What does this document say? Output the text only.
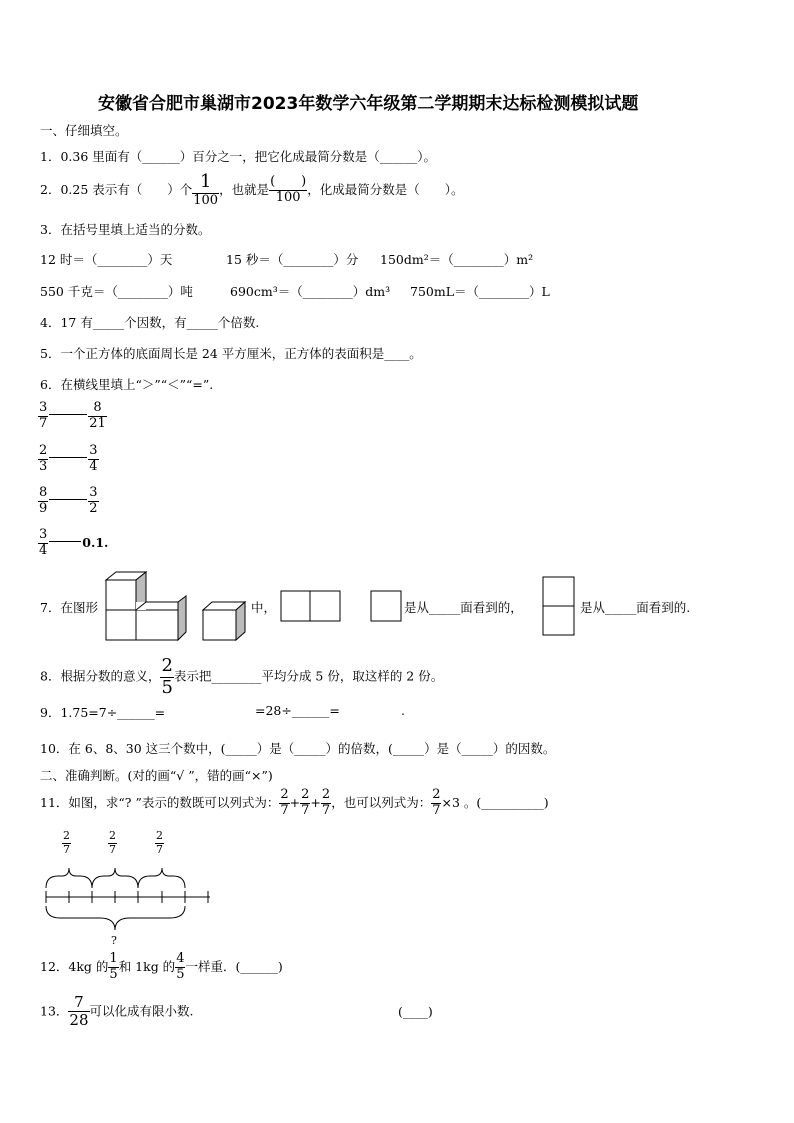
安徽省合肥市巢湖市2023年数学六年级第二学期期末达标检测模拟试题
一、仔细填空。
1．0.36 里面有（______）百分之一，把它化成最简分数是（______）。
2．0.25 表示有（　　）个 $\frac{1}{100}$ ，也就是 $\frac{( )}{100}$ ，化成最简分数是（　　）。
3．在括号里填上适当的分数。
12 时＝（________）天	15 秒＝（________）分 150dm²＝（________）m²
550 千克＝（________）吨	690cm³＝（________）dm³ 750mL＝（________）L
4．17 有_____个因数，有_____个倍数.
5．一个正方体的底面周长是 24 平方厘米，正方体的表面积是____。
6．在横线里填上“＞”“＜”“=”.
$\frac{3}{7}$	$\frac{8}{21}$
$\frac{2}{3}$	$\frac{3}{4}$
$\frac{8}{9}$	$\frac{3}{2}$
$\frac{3}{4}$	0.1.
7．在图形	中，	是从_____面看到的，	是从_____面看到的.
$\frac{2}{7}$	$\frac{2}{7}$	$\frac{2}{7}$
?
8．根据分数的意义， $\frac{2}{5}$ 表示把________平均分成 5 份，取这样的 2 份。
9．1.75=7÷______=	=28÷______=	.
10．在 6、8、30 这三个数中，(_____）是（_____）的倍数，(_____）是（_____）的因数。
二、准确判断。(对的画“√ ”，错的画“×”)
11．如图，求“? ”表示的数既可以列式为： $\frac{2}{7} + \frac{2}{7} + \frac{2}{7}$ ，也可以列式为： $\frac{2}{7} \times 3$ 。(__________)
12．4kg 的 $\frac{1}{5}$ 和 1kg 的 $\frac{4}{5}$ 一样重．(______)
13． $\frac{7}{28}$ 可以化成有限小数.	(____)
